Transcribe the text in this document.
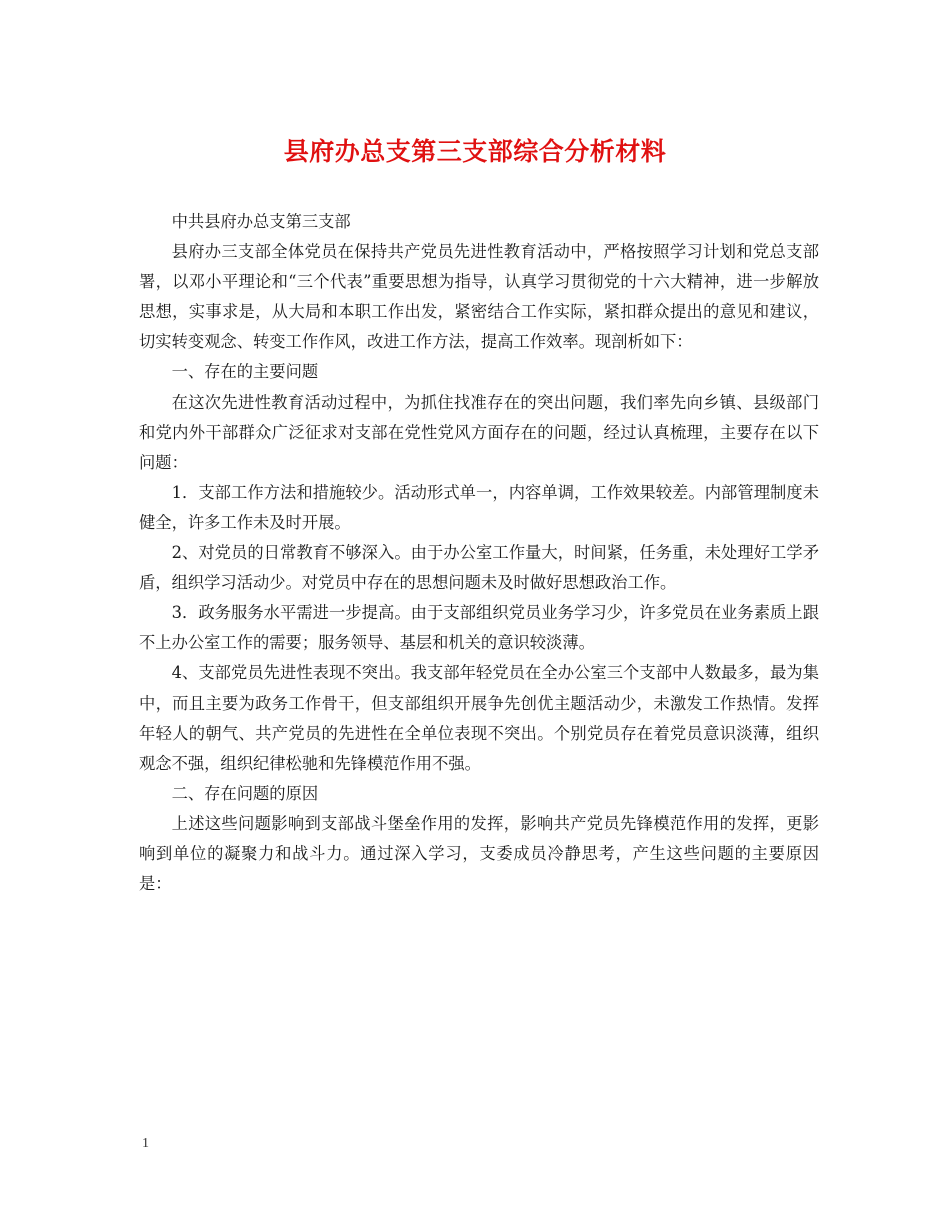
县府办总支第三支部综合分析材料

中共县府办总支第三支部

县府办三支部全体党员在保持共产党员先进性教育活动中，严格按照学习计划和党总支部署，以邓小平理论和“三个代表”重要思想为指导，认真学习贯彻党的十六大精神，进一步解放思想，实事求是，从大局和本职工作出发，紧密结合工作实际，紧扣群众提出的意见和建议，切实转变观念、转变工作作风，改进工作方法，提高工作效率。现剖析如下：

一、存在的主要问题

在这次先进性教育活动过程中，为抓住找准存在的突出问题，我们率先向乡镇、县级部门和党内外干部群众广泛征求对支部在党性党风方面存在的问题，经过认真梳理，主要存在以下问题：

1．支部工作方法和措施较少。活动形式单一，内容单调，工作效果较差。内部管理制度未健全，许多工作未及时开展。

2、对党员的日常教育不够深入。由于办公室工作量大，时间紧，任务重，未处理好工学矛盾，组织学习活动少。对党员中存在的思想问题未及时做好思想政治工作。

3．政务服务水平需进一步提高。由于支部组织党员业务学习少，许多党员在业务素质上跟不上办公室工作的需要；服务领导、基层和机关的意识较淡薄。

4、支部党员先进性表现不突出。我支部年轻党员在全办公室三个支部中人数最多，最为集中，而且主要为政务工作骨干，但支部组织开展争先创优主题活动少，未激发工作热情。发挥年轻人的朝气、共产党员的先进性在全单位表现不突出。个别党员存在着党员意识淡薄，组织观念不强，组织纪律松驰和先锋模范作用不强。

二、存在问题的原因

上述这些问题影响到支部战斗堡垒作用的发挥，影响共产党员先锋模范作用的发挥，更影响到单位的凝聚力和战斗力。通过深入学习，支委成员冷静思考，产生这些问题的主要原因是：

1
